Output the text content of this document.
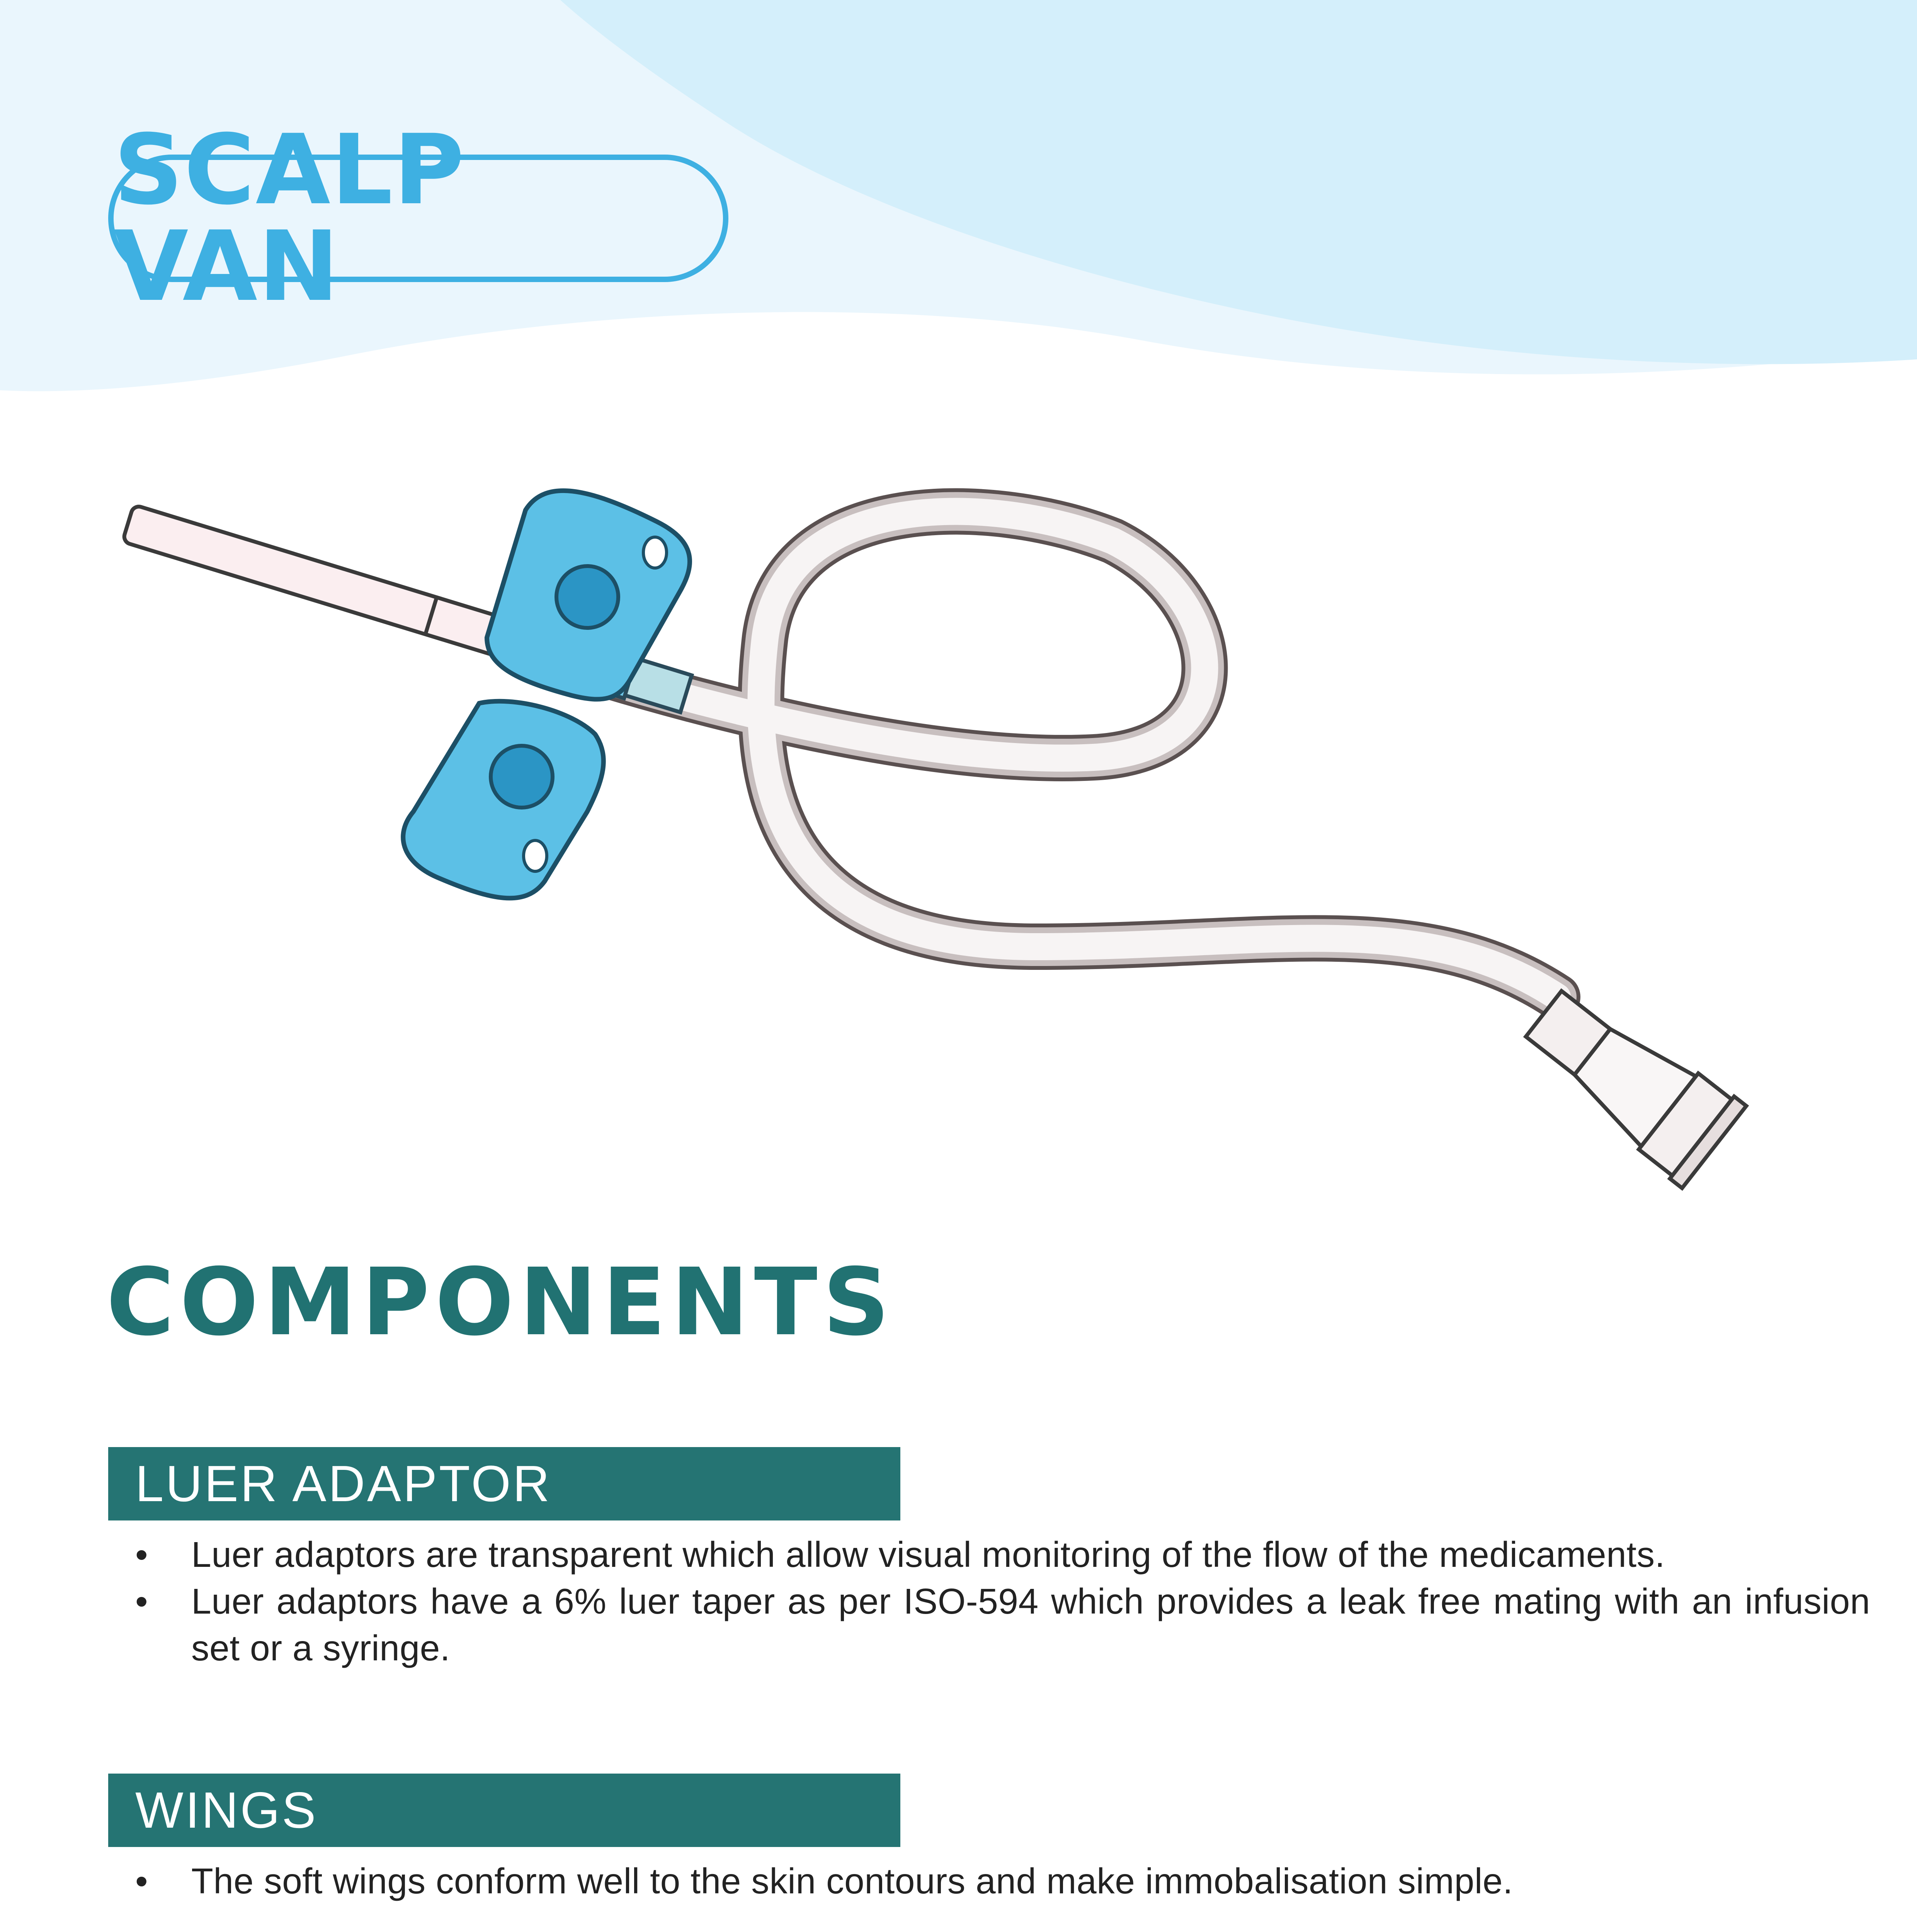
SCALP VAN
COMPONENTS
LUER ADAPTOR
• Luer adaptors are transparent which allow visual monitoring of the flow of the medicaments.
• Luer adaptors have a 6% luer taper as per ISO-594 which provides a leak free mating with an infusion set or a syringe.
WINGS
• The soft wings conform well to the skin contours and make immobalisation simple.
